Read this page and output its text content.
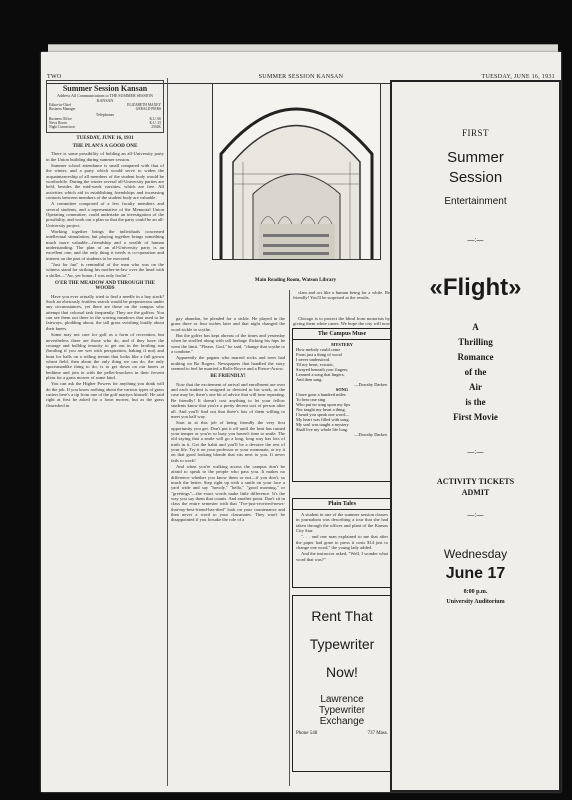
TWO	SUMMER SESSION KANSAN	TUESDAY, JUNE 16, 1931
Summer Session Kansan
Address All Communications to THE SUMMER SESSION KANSAN
Editor-in-Chief	ELIZABETH MAXEY
Business Manager	GERALD PIERS
Telephones
Business Office	K.U. 66
News Room	K.U. 25
Night Connection	2502K
TUESDAY, JUNE 16, 1931
THE PLAN'S A GOOD ONE

There is some possibility of holding an all-University party in the Union building during summer session.

Summer school attendance is small compared with that of the winter, and a party which would serve to widen the acquaintanceship of all members of the student body would be worthwhile. During the winter several all-University parties are held, besides the mid-week varsities, which are free. All activities which aid in establishing friendships and increasing contacts between members of the student body are valuable.

A committee composed of a few faculty members and several students, and a representative of the Memorial Union Operating committee, could undertake an investigation of the possibility, and work out a plan so that the party could be an all-University project.

Working together brings the individuals concerned intellectual stimulation, but playing together brings something much more valuable—friendship and a wealth of human understanding. The plan of an all-University party is an excellent one, and the only thing it needs is co-operation and interest on the part of students to be executed.

"Just for fun" is remindful of the man who was on the witness stand for striking his mother-in-law over the head with a skillet—"Aw, yer honor, I was only foolin'."

O'ER THE MEADOW AND THROUGH THE WOODS

Have you ever actually tried to find a needle in a hay stack? Such an obviously fruitless search would be preposterous under any circumstances, yet there are those on the campus who attempt that colossal task frequently. They are the golfers. You can see them out there in the waving meadows that used to be fairways, plodding about, the tall grass swishing loudly about their knees.

Some may not care for golf as a form of recreation, but nevertheless there are those who do, and if they have the courage and bulldog tenacity to get out in the broiling sun (broiling if you are wet with perspiration, baking if not) and hunt for balls on a rolling terrain that looks like a full grown wheat field, then about the only thing we can do, the only sportsmanlike thing to do, is to get down on our knees at bedtime and join in with the pellet-knockers in their fervent pleas for a grass mower of some kind.

You can ask the Higher Powers for anything you think will do the job. If you know nothing about the various types of grass cutters here's a tip from one of the golf martyrs himself. He said right at first he asked for a lawn mower, but as the grass flourished in

Main Reading Room, Watson Library

gay abandon, he pleaded for a sickle. He played in the grass three or four inches later and that night changed the word sickle to scythe.

But the golfer has kept abreast of the times and yesterday when he strolled along with tall herbage flicking his hips he went the limit. "Please, God," he said, "change that scythe to a combine."

Apparently the pagans who marred rocks and trees had nothing on Bo Rogers. Newspapers that handled the story seemed to feel he married a Rolls-Royce and a Pierce-Arrow.

BE FRIENDLY!

Now that the excitement of arrival and enrollment are over and each student is resigned or devoted to his work, as the case may be, there's one bit of advice that will bear repeating. Be friendly! It doesn't cost anything to let your fellow students know that you're a pretty decent sort of person after all. And you'll find out that there's lots of them willing to meet you half way.

Start in at this job of being friendly the very first opportunity you get. Don't put it off until the heat has ruined your temper or you're so busy you haven't time to smile. The old saying that a smile will go a long, long way has lots of truth in it. Get the habit and you'll be a devotee the rest of your life. Try it on your professor or your roommate, or try it on that good looking blonde that sits next to you. It never fails to work!

And when you're walking across the campus don't be afraid to speak to the people who pass you. It makes no difference whether you know them or not—if you don't, so much the better. Step right up with a smile on your face a yard wide and say "howdy," "hello," "good morning," or "greetings"—the exact words make little difference. It's the way you say them that counts. And another point. Don't sit in class the entire semester with that "I've-just-received-news-that-my-best-friend-has-died" look on your countenance and then never a word to your classmates. They won't be disappointed if you forsake the role of a

clam and act like a human being for a while. Be friendly! You'll be surprised at the results.

Chicago is to protect the blind from motorists by giving them white canes. We hope the city will now

The Campus Muse
MYSTERY
How melody could come
From just a thing of wood
I never understood.
Til my heart, ecstatic,
Swayed beneath your fingers,
Learned a song that lingers,
And then sang.
—Dorothy Darkee.
SONG
I have gone a hundred miles
To hear one sing
Who put no song upon my lips
Nor taught my heart a thing.
I heard you speak one word—
My heart was filled with song.
My soul was taught a mystery
Shall live my whole life long.
—Dorothy Darkee.
Plain Tales

A student in one of the summer session classes in journalism was describing a tour that she had taken through the offices and plant of the Kansas City Star.

". . . and one man explained to me that after the paper had gone to press it costs $14 just to change one word," the young lady added.

And the instructor asked, "Well, I wonder what word that was?"

Rent That
Typewriter
Now!
Lawrence
Typewriter
Exchange
Phone 548	737 Mass.
FIRST
Summer
Session
Entertainment
—:—
«Flight»
A
Thrilling
Romance
of the
Air
is the
First Movie
—:—
ACTIVITY TICKETS
ADMIT
—:—
Wednesday
June 17
8:00 p.m.
University Auditorium
